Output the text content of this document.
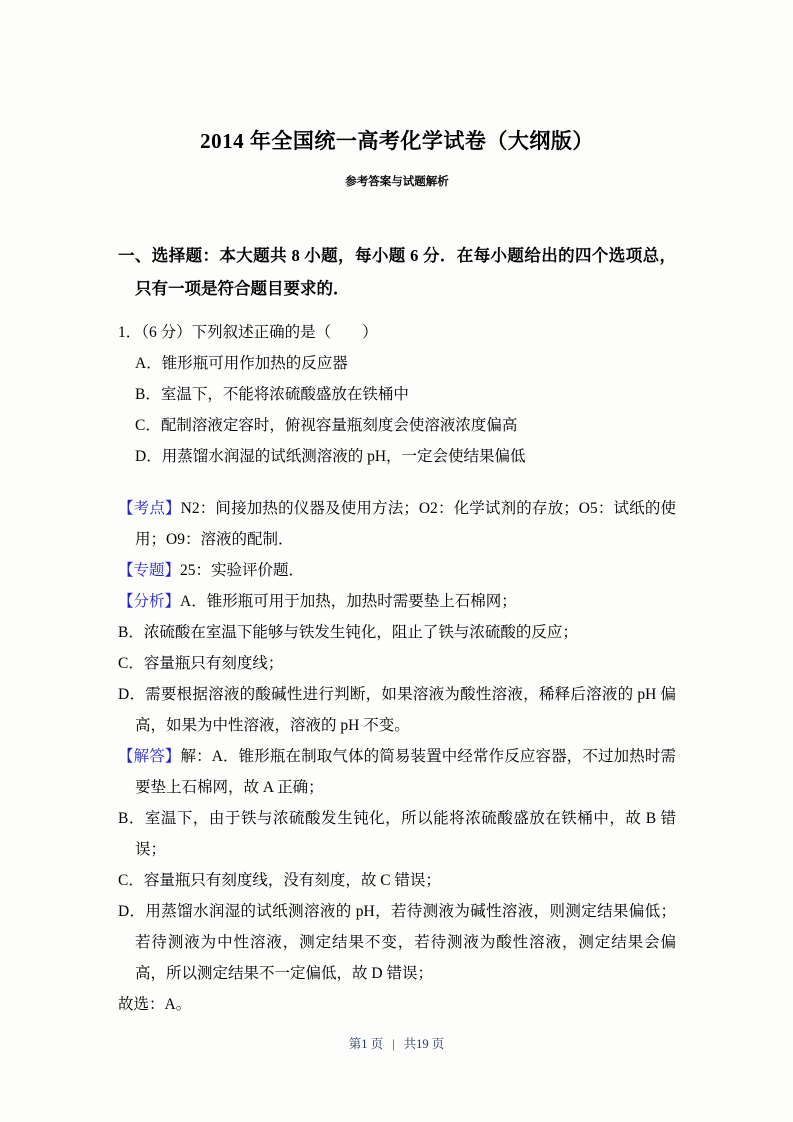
2014 年全国统一高考化学试卷（大纲版）
参考答案与试题解析
一、选择题：本大题共 8 小题，每小题 6 分．在每小题给出的四个选项总，只有一项是符合题目要求的．

1．（6 分）下列叙述正确的是（　　）

A．锥形瓶可用作加热的反应器

B．室温下，不能将浓硫酸盛放在铁桶中

C．配制溶液定容时，俯视容量瓶刻度会使溶液浓度偏高

D．用蒸馏水润湿的试纸测溶液的 pH，一定会使结果偏低

【考点】N2：间接加热的仪器及使用方法；O2：化学试剂的存放；O5：试纸的使用；O9：溶液的配制．

【专题】25：实验评价题．

【分析】A．锥形瓶可用于加热，加热时需要垫上石棉网；

B．浓硫酸在室温下能够与铁发生钝化，阻止了铁与浓硫酸的反应；

C．容量瓶只有刻度线；

D．需要根据溶液的酸碱性进行判断，如果溶液为酸性溶液，稀释后溶液的 pH 偏高，如果为中性溶液，溶液的 pH 不变。

【解答】解：A．锥形瓶在制取气体的简易装置中经常作反应容器，不过加热时需要垫上石棉网，故 A 正确；

B．室温下，由于铁与浓硫酸发生钝化，所以能将浓硫酸盛放在铁桶中，故 B 错误；

C．容量瓶只有刻度线，没有刻度，故 C 错误；

D．用蒸馏水润湿的试纸测溶液的 pH，若待测液为碱性溶液，则测定结果偏低；若待测液为中性溶液，测定结果不变，若待测液为酸性溶液，测定结果会偏高，所以测定结果不一定偏低，故 D 错误；

故选：A。

第1 页 | 共19 页
